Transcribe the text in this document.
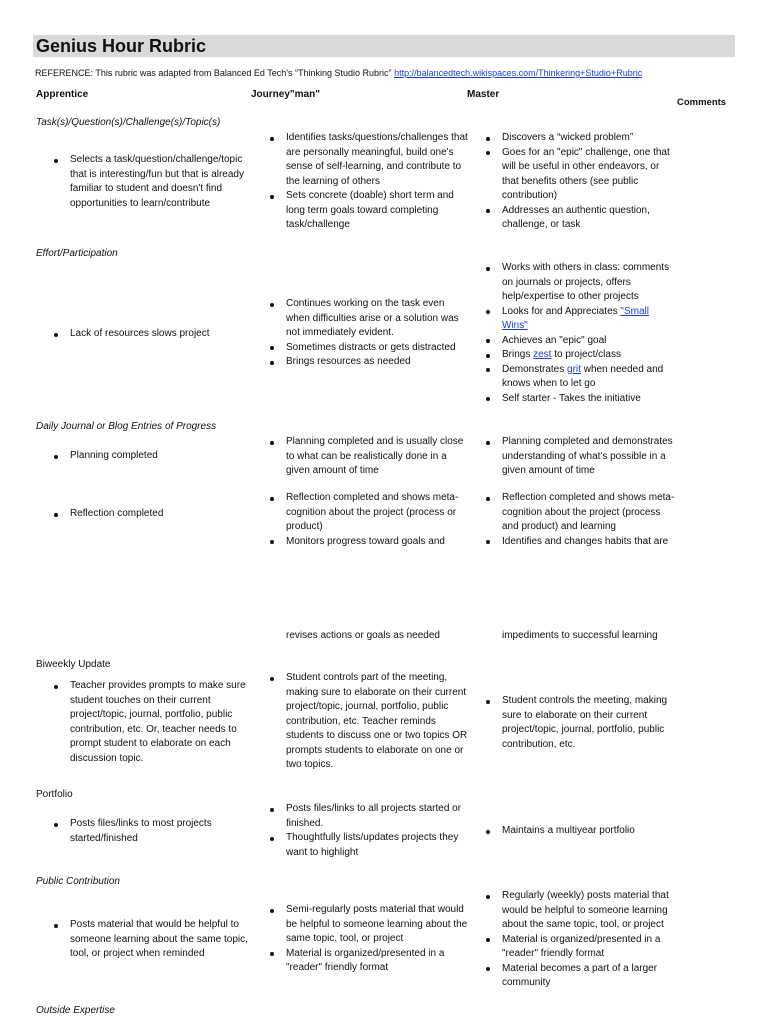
Genius Hour Rubric
REFERENCE: This rubric was adapted from Balanced Ed Tech's “Thinking Studio Rubric” http://balancedtech.wikispaces.com/Thinkering+Studio+Rubric
Apprentice	Journey"man"	Master
Comments
Task(s)/Question(s)/Challenge(s)/Topic(s)
Selects a task/question/challenge/topic that is interesting/fun but that is already familiar to student and doesn't find opportunities to learn/contribute
Identifies tasks/questions/challenges that are personally meaningful, build one's sense of self-learning, and contribute to the learning of others
Sets concrete (doable) short term and long term goals toward completing task/challenge
Discovers a “wicked problem”
Goes for an "epic" challenge, one that will be useful in other endeavors, or that benefits others (see public contribution)
Addresses an authentic question, challenge, or task
Effort/Participation
Lack of resources slows project
Continues working on the task even when difficulties arise or a solution was not immediately evident.
Sometimes distracts or gets distracted
Brings resources as needed
Works with others in class: comments on journals or projects, offers help/expertise to other projects
Looks for and Appreciates "Small Wins"
Achieves an "epic" goal
Brings zest to project/class
Demonstrates grit when needed and knows when to let go
Self starter - Takes the initiative
Daily Journal or Blog Entries of Progress
Planning completed
Reflection completed
Planning completed and is usually close to what can be realistically done in a given amount of time
Reflection completed and shows meta-cognition about the project (process or product)
Monitors progress toward goals and
revises actions or goals as needed
Planning completed and demonstrates understanding of what's possible in a given amount of time
Reflection completed and shows meta-cognition about the project (process and product) and learning
Identifies and changes habits that are
impediments to successful learning
Biweekly Update
Teacher provides prompts to make sure student touches on their current project/topic, journal, portfolio, public contribution, etc. Or, teacher needs to prompt student to elaborate on each discussion topic.
Student controls part of the meeting, making sure to elaborate on their current project/topic, journal, portfolio, public contribution, etc. Teacher reminds students to discuss one or two topics OR prompts students to elaborate on one or two topics.
Student controls the meeting, making sure to elaborate on their current project/topic, journal, portfolio, public contribution, etc.
Portfolio
Posts files/links to most projects started/finished
Posts files/links to all projects started or finished.
Thoughtfully lists/updates projects they want to highlight
Maintains a multiyear portfolio
Public Contribution
Posts material that would be helpful to someone learning about the same topic, tool, or project when reminded
Semi-regularly posts material that would be helpful to someone learning about the same topic, tool, or project
Material is organized/presented in a "reader" friendly format
Regularly (weekly) posts material that would be helpful to someone learning about the same topic, tool, or project
Material is organized/presented in a "reader" friendly format
Material becomes a part of a larger community
Outside Expertise
